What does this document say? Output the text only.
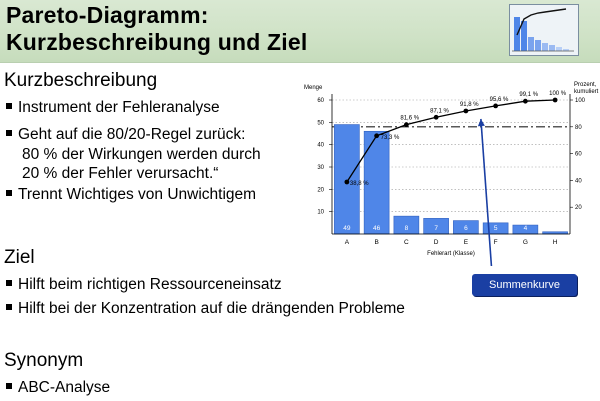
Pareto-Diagramm:
Kurzbeschreibung und Ziel
Kurzbeschreibung
Instrument der Fehleranalyse
Geht auf die 80/20-Regel zurück:
80 % der Wirkungen werden durch
20 % der Fehler verursacht.“
Trennt Wichtiges von Unwichtigem
Ziel
Hilft beim richtigen Ressourceneinsatz
Hilft bei der Konzentration auf die drängenden Probleme
Synonym
ABC-Analyse
49
A
46
B
8
C
7
D
6
E
5
F
4
G
1
H
10
20
30
40
50
60
20
40
60
80
100
Menge	Prozent,
kumuliert
Fehlerart (Klasse)
38,8 %
73,3 %
81,6 %
87,1 %
91,8 %
95,6 %
99,1 % 100 %
Summenkurve
